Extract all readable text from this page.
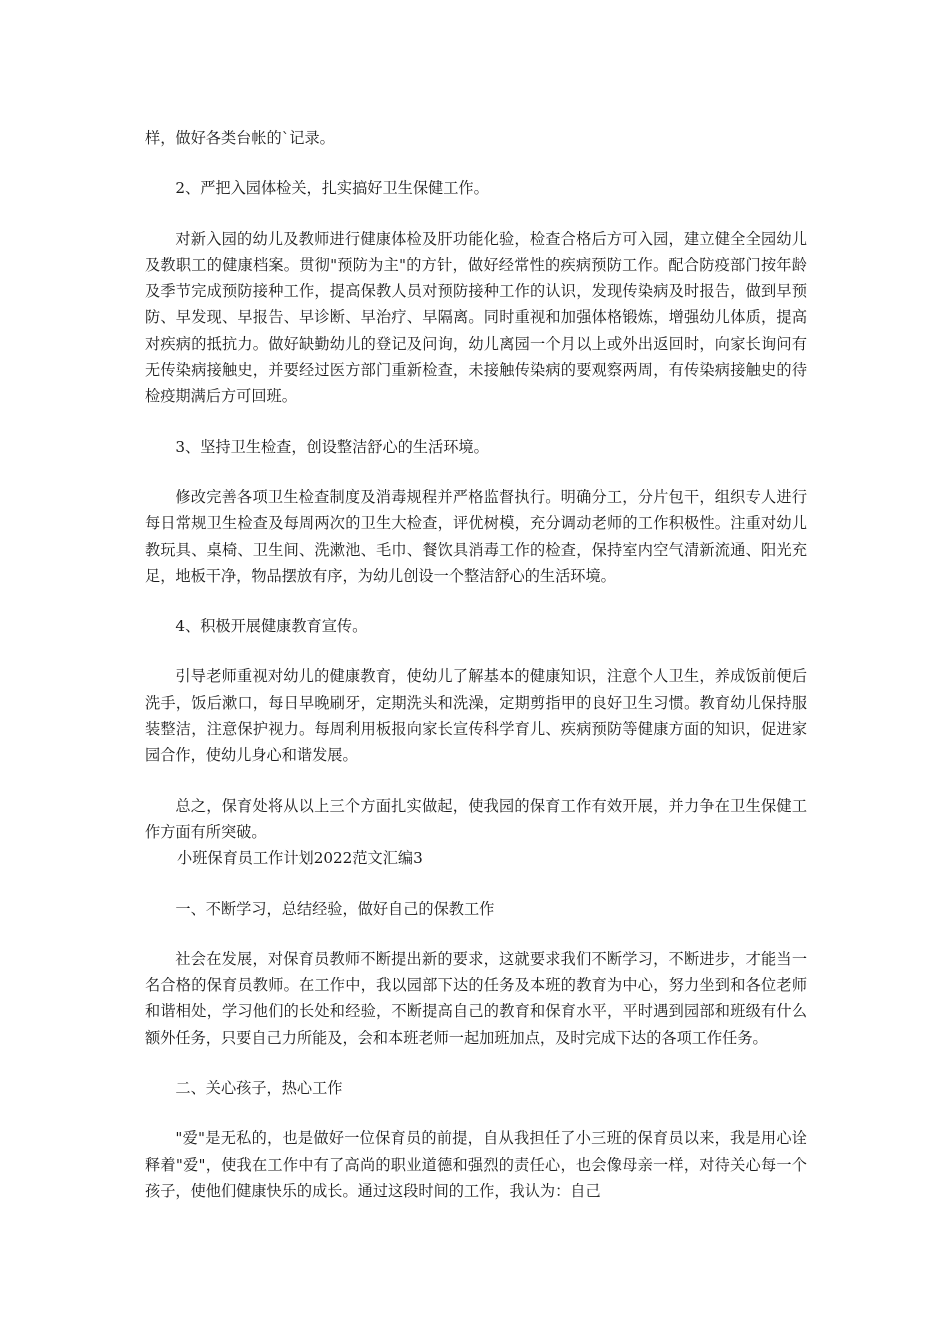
样，做好各类台帐的`记录。

2、严把入园体检关，扎实搞好卫生保健工作。

对新入园的幼儿及教师进行健康体检及肝功能化验，检查合格后方可入园，建立健全全园幼儿及教职工的健康档案。贯彻"预防为主"的方针，做好经常性的疾病预防工作。配合防疫部门按年龄及季节完成预防接种工作，提高保教人员对预防接种工作的认识，发现传染病及时报告，做到早预防、早发现、早报告、早诊断、早治疗、早隔离。同时重视和加强体格锻炼，增强幼儿体质，提高对疾病的抵抗力。做好缺勤幼儿的登记及问询，幼儿离园一个月以上或外出返回时，向家长询问有无传染病接触史，并要经过医方部门重新检查，未接触传染病的要观察两周，有传染病接触史的待检疫期满后方可回班。

3、坚持卫生检查，创设整洁舒心的生活环境。

修改完善各项卫生检查制度及消毒规程并严格监督执行。明确分工，分片包干，组织专人进行每日常规卫生检查及每周两次的卫生大检查，评优树模，充分调动老师的工作积极性。注重对幼儿教玩具、桌椅、卫生间、洗漱池、毛巾、餐饮具消毒工作的检查，保持室内空气清新流通、阳光充足，地板干净，物品摆放有序，为幼儿创设一个整洁舒心的生活环境。

4、积极开展健康教育宣传。

引导老师重视对幼儿的健康教育，使幼儿了解基本的健康知识，注意个人卫生，养成饭前便后洗手，饭后漱口，每日早晚刷牙，定期洗头和洗澡，定期剪指甲的良好卫生习惯。教育幼儿保持服装整洁，注意保护视力。每周利用板报向家长宣传科学育儿、疾病预防等健康方面的知识，促进家园合作，使幼儿身心和谐发展。

总之，保育处将从以上三个方面扎实做起，使我园的保育工作有效开展，并力争在卫生保健工作方面有所突破。

小班保育员工作计划2022范文汇编3

一、不断学习，总结经验，做好自己的保教工作

社会在发展，对保育员教师不断提出新的要求，这就要求我们不断学习，不断进步，才能当一名合格的保育员教师。在工作中，我以园部下达的任务及本班的教育为中心，努力坐到和各位老师和谐相处，学习他们的长处和经验，不断提高自己的教育和保育水平，平时遇到园部和班级有什么额外任务，只要自己力所能及，会和本班老师一起加班加点，及时完成下达的各项工作任务。

二、关心孩子，热心工作

"爱"是无私的，也是做好一位保育员的前提，自从我担任了小三班的保育员以来，我是用心诠释着"爱"，使我在工作中有了高尚的职业道德和强烈的责任心，也会像母亲一样，对待关心每一个孩子，使他们健康快乐的成长。通过这段时间的工作，我认为：自己
